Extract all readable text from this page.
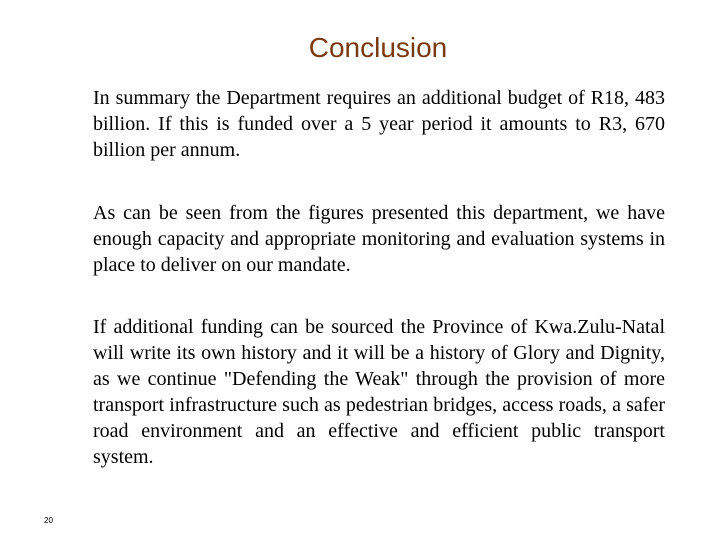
Conclusion

In summary the Department requires an additional budget of R18, 483 billion. If this is funded over a 5 year period it amounts to R3, 670 billion per annum.

As can be seen from the figures presented this department, we have enough capacity and appropriate monitoring and evaluation systems in place to deliver on our mandate.

If additional funding can be sourced the Province of Kwa.Zulu-Natal will write its own history and it will be a history of Glory and Dignity, as we continue "Defending the Weak" through the provision of more transport infrastructure such as pedestrian bridges, access roads, a safer road environment and an effective and efficient public transport system.

20
